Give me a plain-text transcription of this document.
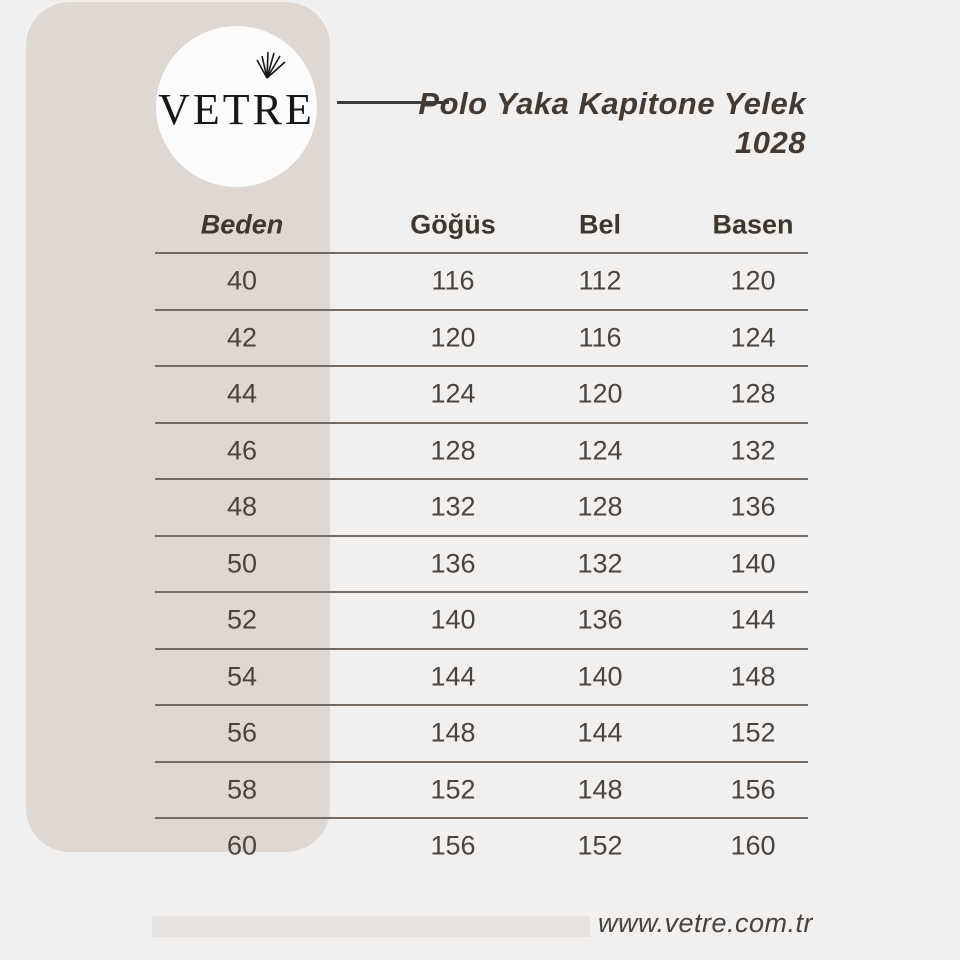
VETRE	Polo Yaka Kapitone Yelek
1028
Beden	Göğüs	Bel	Basen
40	116	112	120
42	120	116	124
44	124	120	128
46	128	124	132
48	132	128	136
50	136	132	140
52	140	136	144
54	144	140	148
56	148	144	152
58	152	148	156
60	156	152	160
www.vetre.com.tr
